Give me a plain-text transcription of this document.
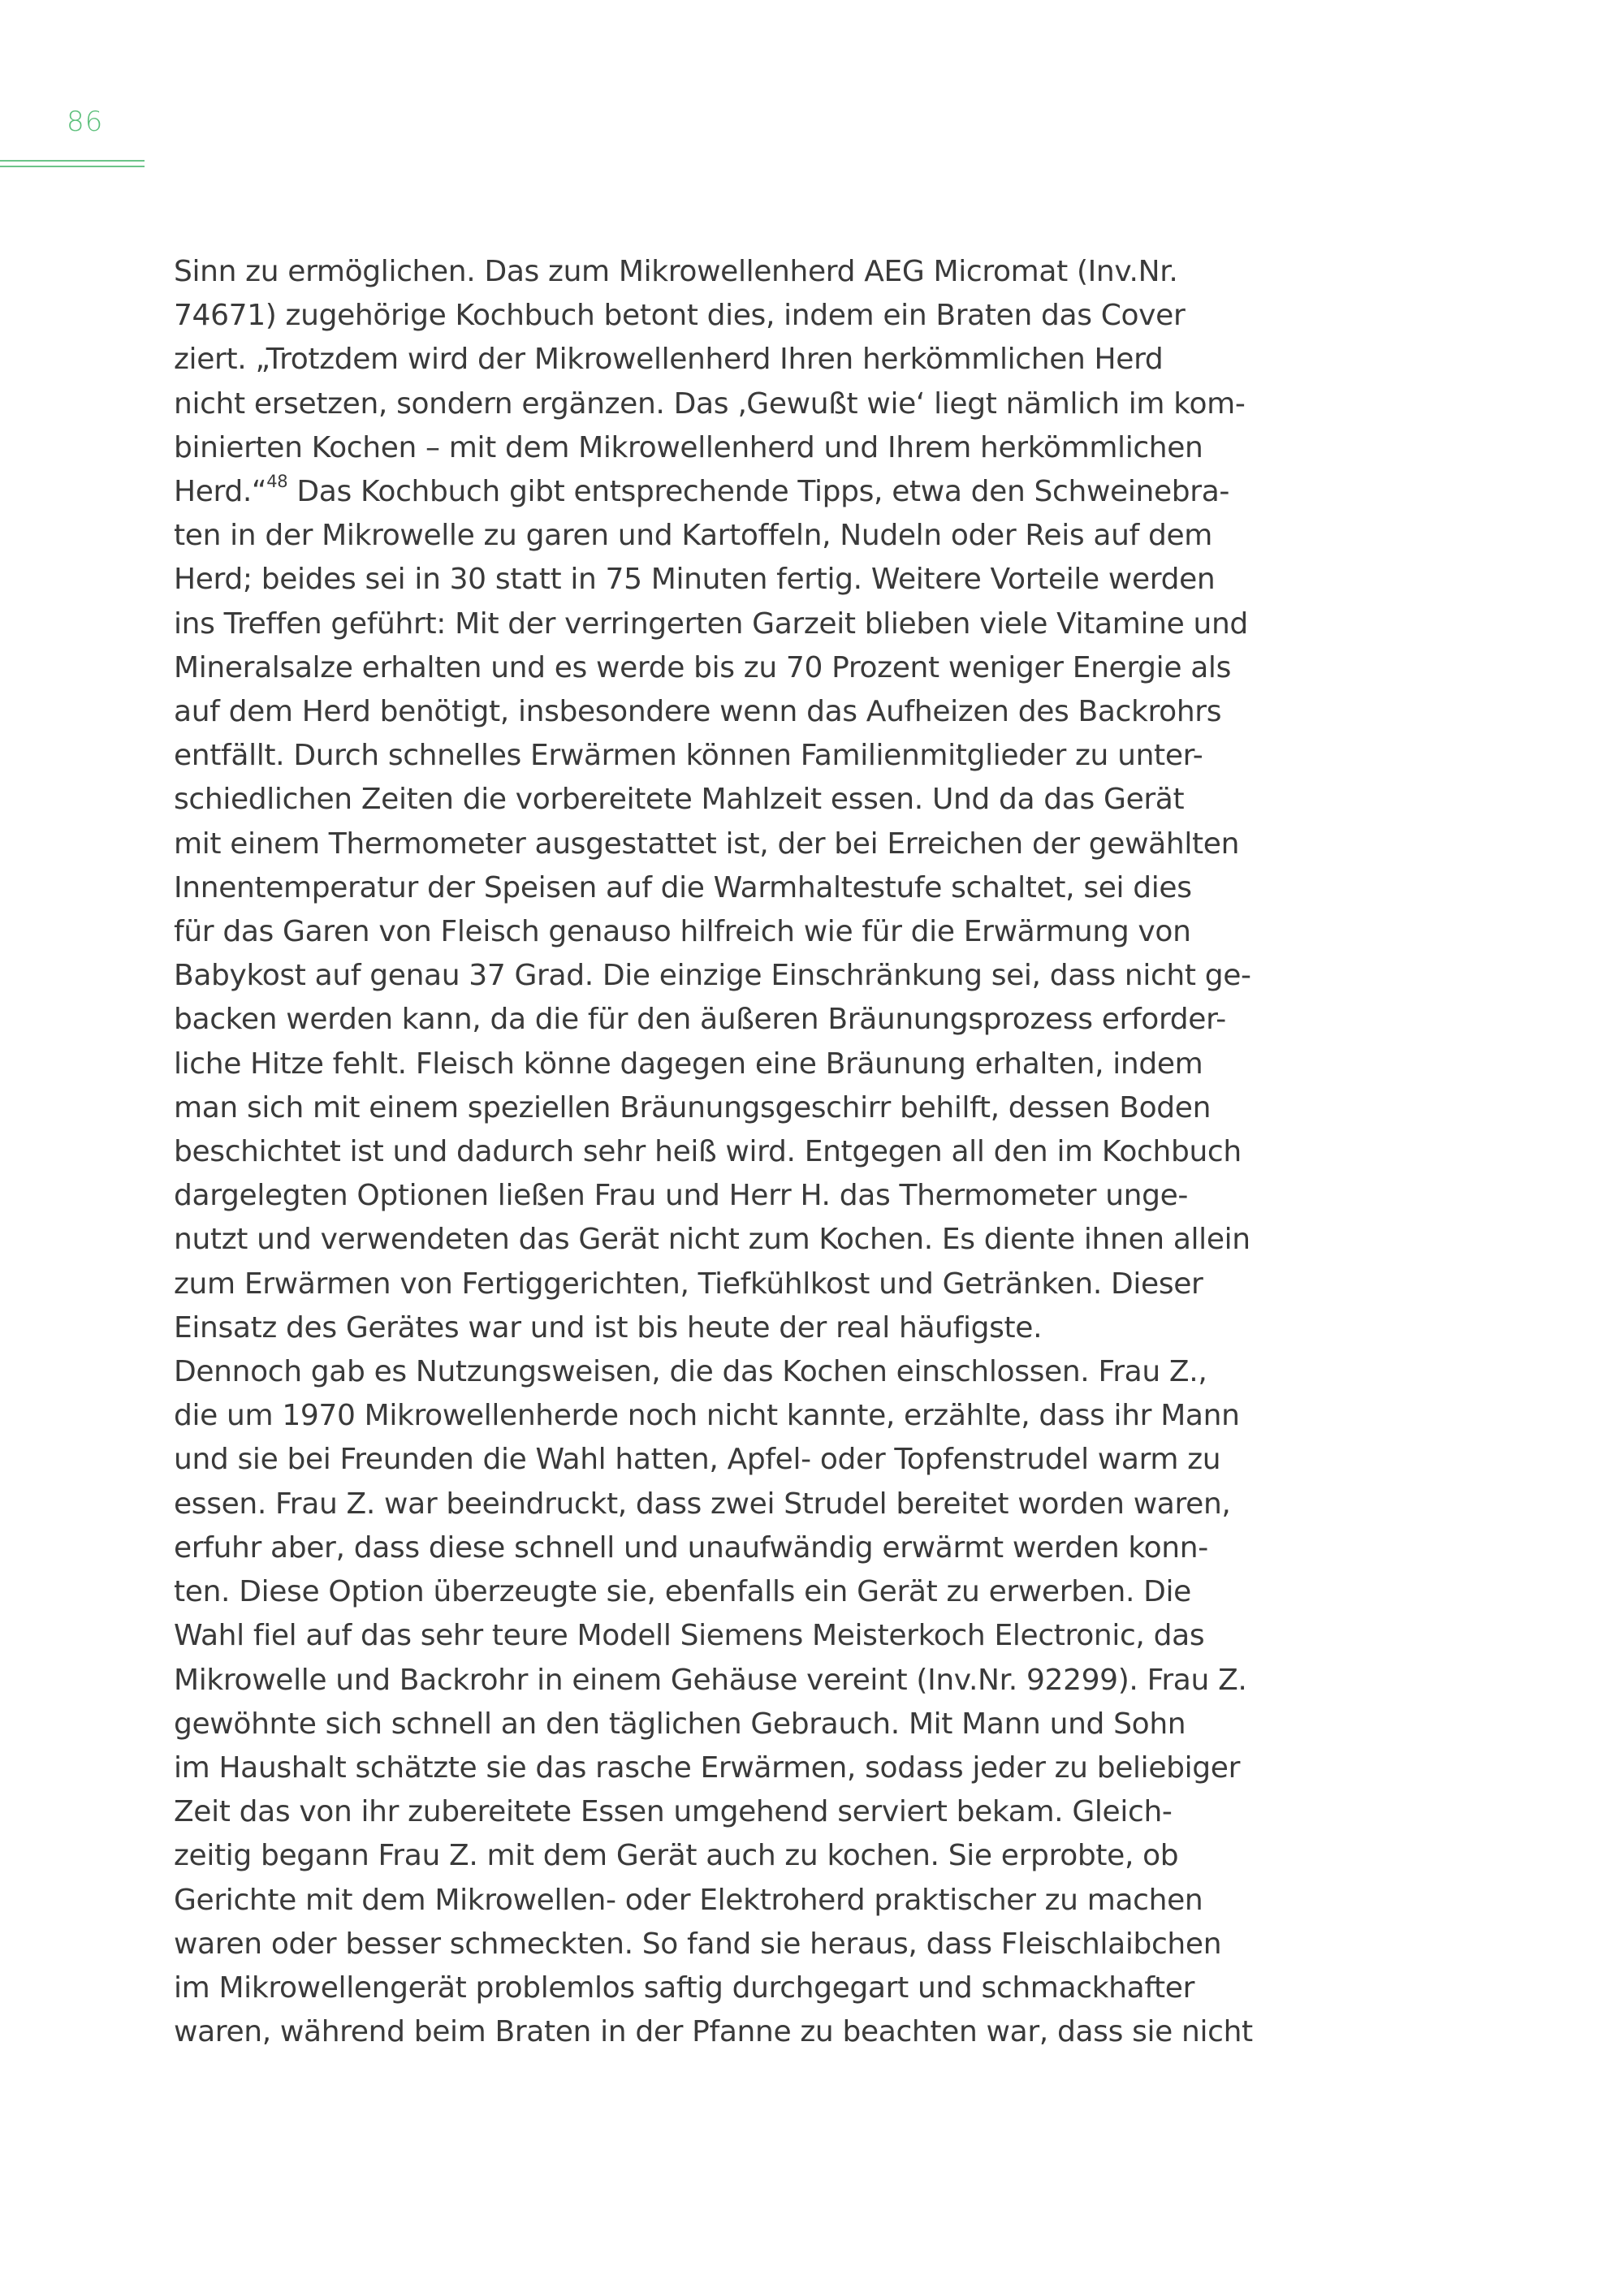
86
Sinn zu ermöglichen. Das zum Mikrowellenherd AEG Micromat (Inv.Nr.
74671) zugehörige Kochbuch betont dies, indem ein Braten das Cover
ziert. „Trotzdem wird der Mikrowellenherd Ihren herkömmlichen Herd
nicht ersetzen, sondern ergänzen. Das ‚Gewußt wie‘ liegt nämlich im kom-
binierten Kochen – mit dem Mikrowellenherd und Ihrem herkömmlichen
Herd.“$^{48}$ Das Kochbuch gibt entsprechende Tipps, etwa den Schweinebra-
ten in der Mikrowelle zu garen und Kartoffeln, Nudeln oder Reis auf dem
Herd; beides sei in 30 statt in 75 Minuten fertig. Weitere Vorteile werden
ins Treffen geführt: Mit der verringerten Garzeit blieben viele Vitamine und
Mineralsalze erhalten und es werde bis zu 70 Prozent weniger Energie als
auf dem Herd benötigt, insbesondere wenn das Aufheizen des Backrohrs
entfällt. Durch schnelles Erwärmen können Familienmitglieder zu unter-
schiedlichen Zeiten die vorbereitete Mahlzeit essen. Und da das Gerät
mit einem Thermometer ausgestattet ist, der bei Erreichen der gewählten
Innentemperatur der Speisen auf die Warmhaltestufe schaltet, sei dies
für das Garen von Fleisch genauso hilfreich wie für die Erwärmung von
Babykost auf genau 37 Grad. Die einzige Einschränkung sei, dass nicht ge-
backen werden kann, da die für den äußeren Bräunungsprozess erforder-
liche Hitze fehlt. Fleisch könne dagegen eine Bräunung erhalten, indem
man sich mit einem speziellen Bräunungsgeschirr behilft, dessen Boden
beschichtet ist und dadurch sehr heiß wird. Entgegen all den im Kochbuch
dargelegten Optionen ließen Frau und Herr H. das Thermometer unge-
nutzt und verwendeten das Gerät nicht zum Kochen. Es diente ihnen allein
zum Erwärmen von Fertiggerichten, Tiefkühlkost und Getränken. Dieser
Einsatz des Gerätes war und ist bis heute der real häufigste.
Dennoch gab es Nutzungsweisen, die das Kochen einschlossen. Frau Z.,
die um 1970 Mikrowellenherde noch nicht kannte, erzählte, dass ihr Mann
und sie bei Freunden die Wahl hatten, Apfel- oder Topfenstrudel warm zu
essen. Frau Z. war beeindruckt, dass zwei Strudel bereitet worden waren,
erfuhr aber, dass diese schnell und unaufwändig erwärmt werden konn-
ten. Diese Option überzeugte sie, ebenfalls ein Gerät zu erwerben. Die
Wahl fiel auf das sehr teure Modell Siemens Meisterkoch Electronic, das
Mikrowelle und Backrohr in einem Gehäuse vereint (Inv.Nr. 92299). Frau Z.
gewöhnte sich schnell an den täglichen Gebrauch. Mit Mann und Sohn
im Haushalt schätzte sie das rasche Erwärmen, sodass jeder zu beliebiger
Zeit das von ihr zubereitete Essen umgehend serviert bekam. Gleich-
zeitig begann Frau Z. mit dem Gerät auch zu kochen. Sie erprobte, ob
Gerichte mit dem Mikrowellen- oder Elektroherd praktischer zu machen
waren oder besser schmeckten. So fand sie heraus, dass Fleischlaibchen
im Mikrowellengerät problemlos saftig durchgegart und schmackhafter
waren, während beim Braten in der Pfanne zu beachten war, dass sie nicht
